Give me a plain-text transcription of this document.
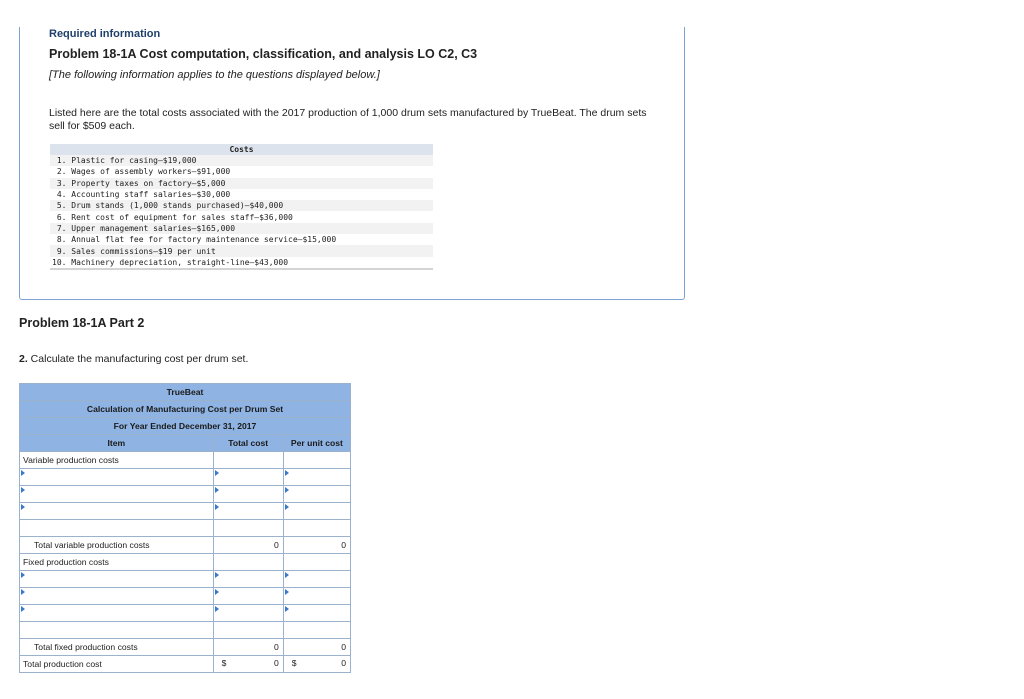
Required information
Problem 18-1A Cost computation, classification, and analysis LO C2, C3
[The following information applies to the questions displayed below.]
Listed here are the total costs associated with the 2017 production of 1,000 drum sets manufactured by TrueBeat. The drum sets sell for $509 each.
Costs
1. Plastic for casing—$19,000
2. Wages of assembly workers—$91,000
3. Property taxes on factory—$5,000
4. Accounting staff salaries—$30,000
5. Drum stands (1,000 stands purchased)—$40,000
6. Rent cost of equipment for sales staff—$36,000
7. Upper management salaries—$165,000
8. Annual flat fee for factory maintenance service—$15,000
9. Sales commissions—$19 per unit
10. Machinery depreciation, straight-line—$43,000
Problem 18-1A Part 2
2. Calculate the manufacturing cost per drum set.
TrueBeat		
Calculation of Manufacturing Cost per Drum Set		
For Year Ended December 31, 2017		
Item	Total cost	Per unit cost
Variable production costs		

Total variable production costs	0	0
Fixed production costs		

Total fixed production costs	0	0
Total production cost	$ 0	$ 0
